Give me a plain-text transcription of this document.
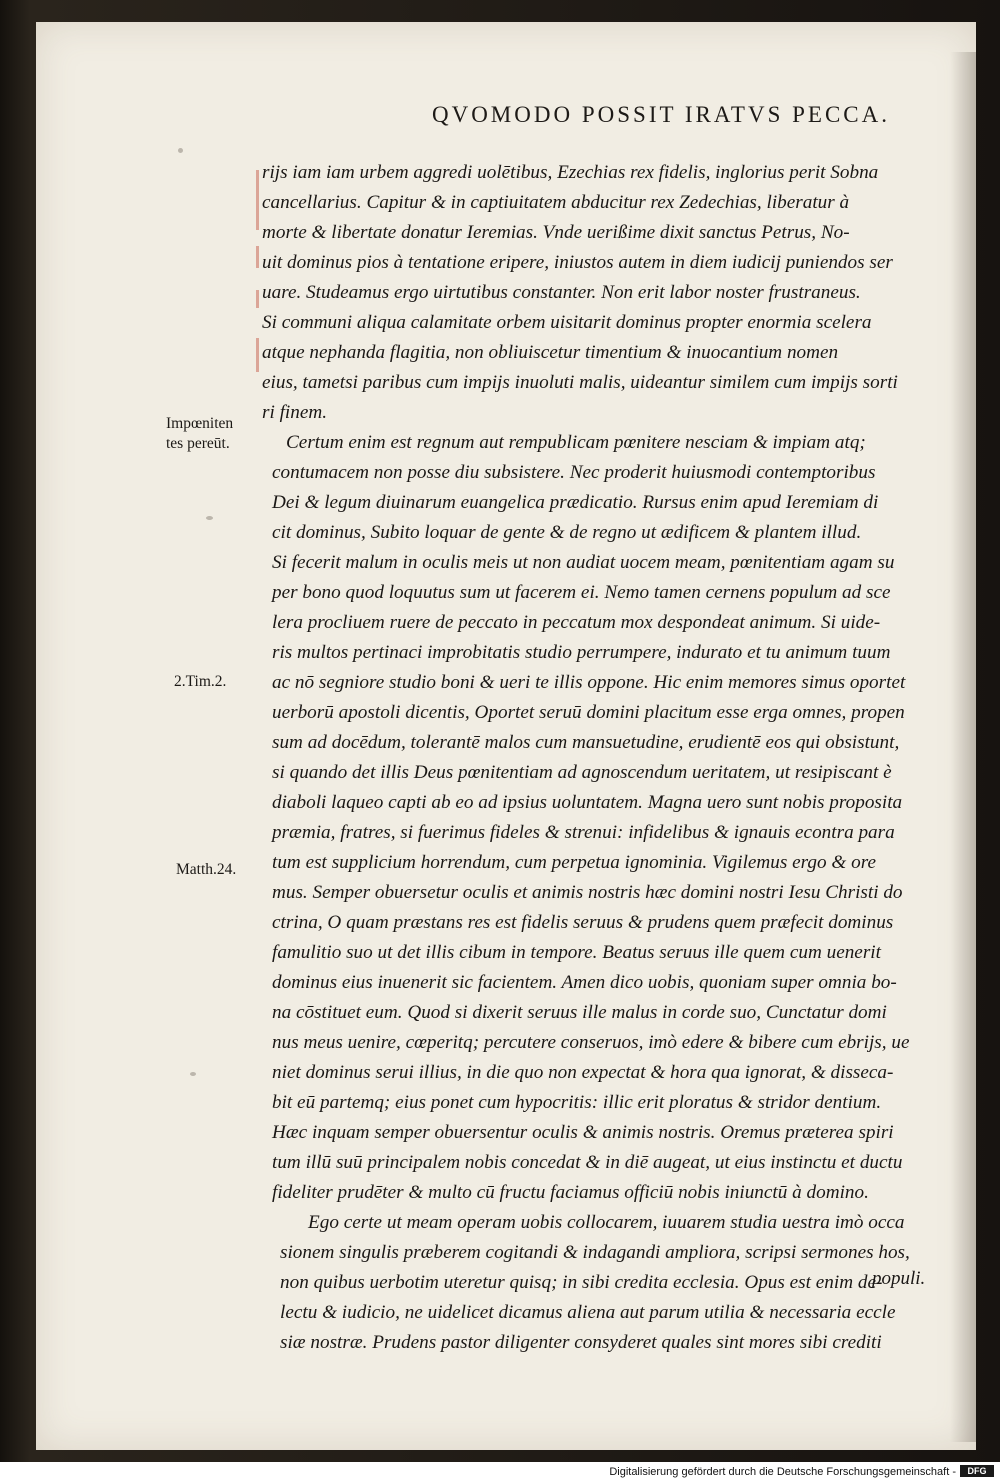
QVOMODO POSSIT IRATVS PECCA.
rijs iam iam urbem aggredi uolētibus, Ezechias rex fidelis, inglorius perit Sobna
cancellarius. Capitur & in captiuitatem abducitur rex Zedechias, liberatur à
morte & libertate donatur Ieremias. Vnde uerißime dixit sanctus Petrus, No-
uit dominus pios à tentatione eripere, iniustos autem in diem iudicij puniendos ser
uare. Studeamus ergo uirtutibus constanter. Non erit labor noster frustraneus.
Si communi aliqua calamitate orbem uisitarit dominus propter enormia scelera
atque nephanda flagitia, non obliuiscetur timentium & inuocantium nomen
eius, tametsi paribus cum impijs inuoluti malis, uideantur similem cum impijs sorti
ri finem.
Certum enim est regnum aut rempublicam pœnitere nesciam & impiam atq;
contumacem non posse diu subsistere. Nec proderit huiusmodi contemptoribus
Dei & legum diuinarum euangelica prædicatio. Rursus enim apud Ieremiam di
cit dominus, Subito loquar de gente & de regno ut ædificem & plantem illud.
Si fecerit malum in oculis meis ut non audiat uocem meam, pœnitentiam agam su
per bono quod loquutus sum ut facerem ei. Nemo tamen cernens populum ad sce
lera procliuem ruere de peccato in peccatum mox despondeat animum. Si uide-
ris multos pertinaci improbitatis studio perrumpere, indurato et tu animum tuum
ac nō segniore studio boni & ueri te illis oppone. Hic enim memores simus oportet
uerborū apostoli dicentis, Oportet seruū domini placitum esse erga omnes, propen
sum ad docēdum, tolerantē malos cum mansuetudine, erudientē eos qui obsistunt,
si quando det illis Deus pœnitentiam ad agnoscendum ueritatem, ut resipiscant è
diaboli laqueo capti ab eo ad ipsius uoluntatem. Magna uero sunt nobis proposita
præmia, fratres, si fuerimus fideles & strenui: infidelibus & ignauis econtra para
tum est supplicium horrendum, cum perpetua ignominia. Vigilemus ergo & ore
mus. Semper obuersetur oculis et animis nostris hæc domini nostri Iesu Christi do
ctrina, O quam præstans res est fidelis seruus & prudens quem præfecit dominus
famulitio suo ut det illis cibum in tempore. Beatus seruus ille quem cum uenerit
dominus eius inuenerit sic facientem. Amen dico uobis, quoniam super omnia bo-
na cōstituet eum. Quod si dixerit seruus ille malus in corde suo, Cunctatur domi
nus meus uenire, cœperitq; percutere conseruos, imò edere & bibere cum ebrijs, ue
niet dominus serui illius, in die quo non expectat & hora qua ignorat, & disseca-
bit eū partemq; eius ponet cum hypocritis: illic erit ploratus & stridor dentium.
Hæc inquam semper obuersentur oculis & animis nostris. Oremus præterea spiri
tum illū suū principalem nobis concedat & in diē augeat, ut eius instinctu et ductu
fideliter prudēter & multo cū fructu faciamus officiū nobis iniunctū à domino.
Ego certe ut meam operam uobis collocarem, iuuarem studia uestra imò occa
sionem singulis præberem cogitandi & indagandi ampliora, scripsi sermones hos,
non quibus uerbotim uteretur quisq; in sibi credita ecclesia. Opus est enim de-
lectu & iudicio, ne uidelicet dicamus aliena aut parum utilia & necessaria eccle
siæ nostræ. Prudens pastor diligenter consyderet quales sint mores sibi crediti
populi.
Impœniten
tes pereūt.
2.Tim.2.
Matth.24.
Digitalisierung gefördert durch die Deutsche Forschungsgemeinschaft -	DFG
